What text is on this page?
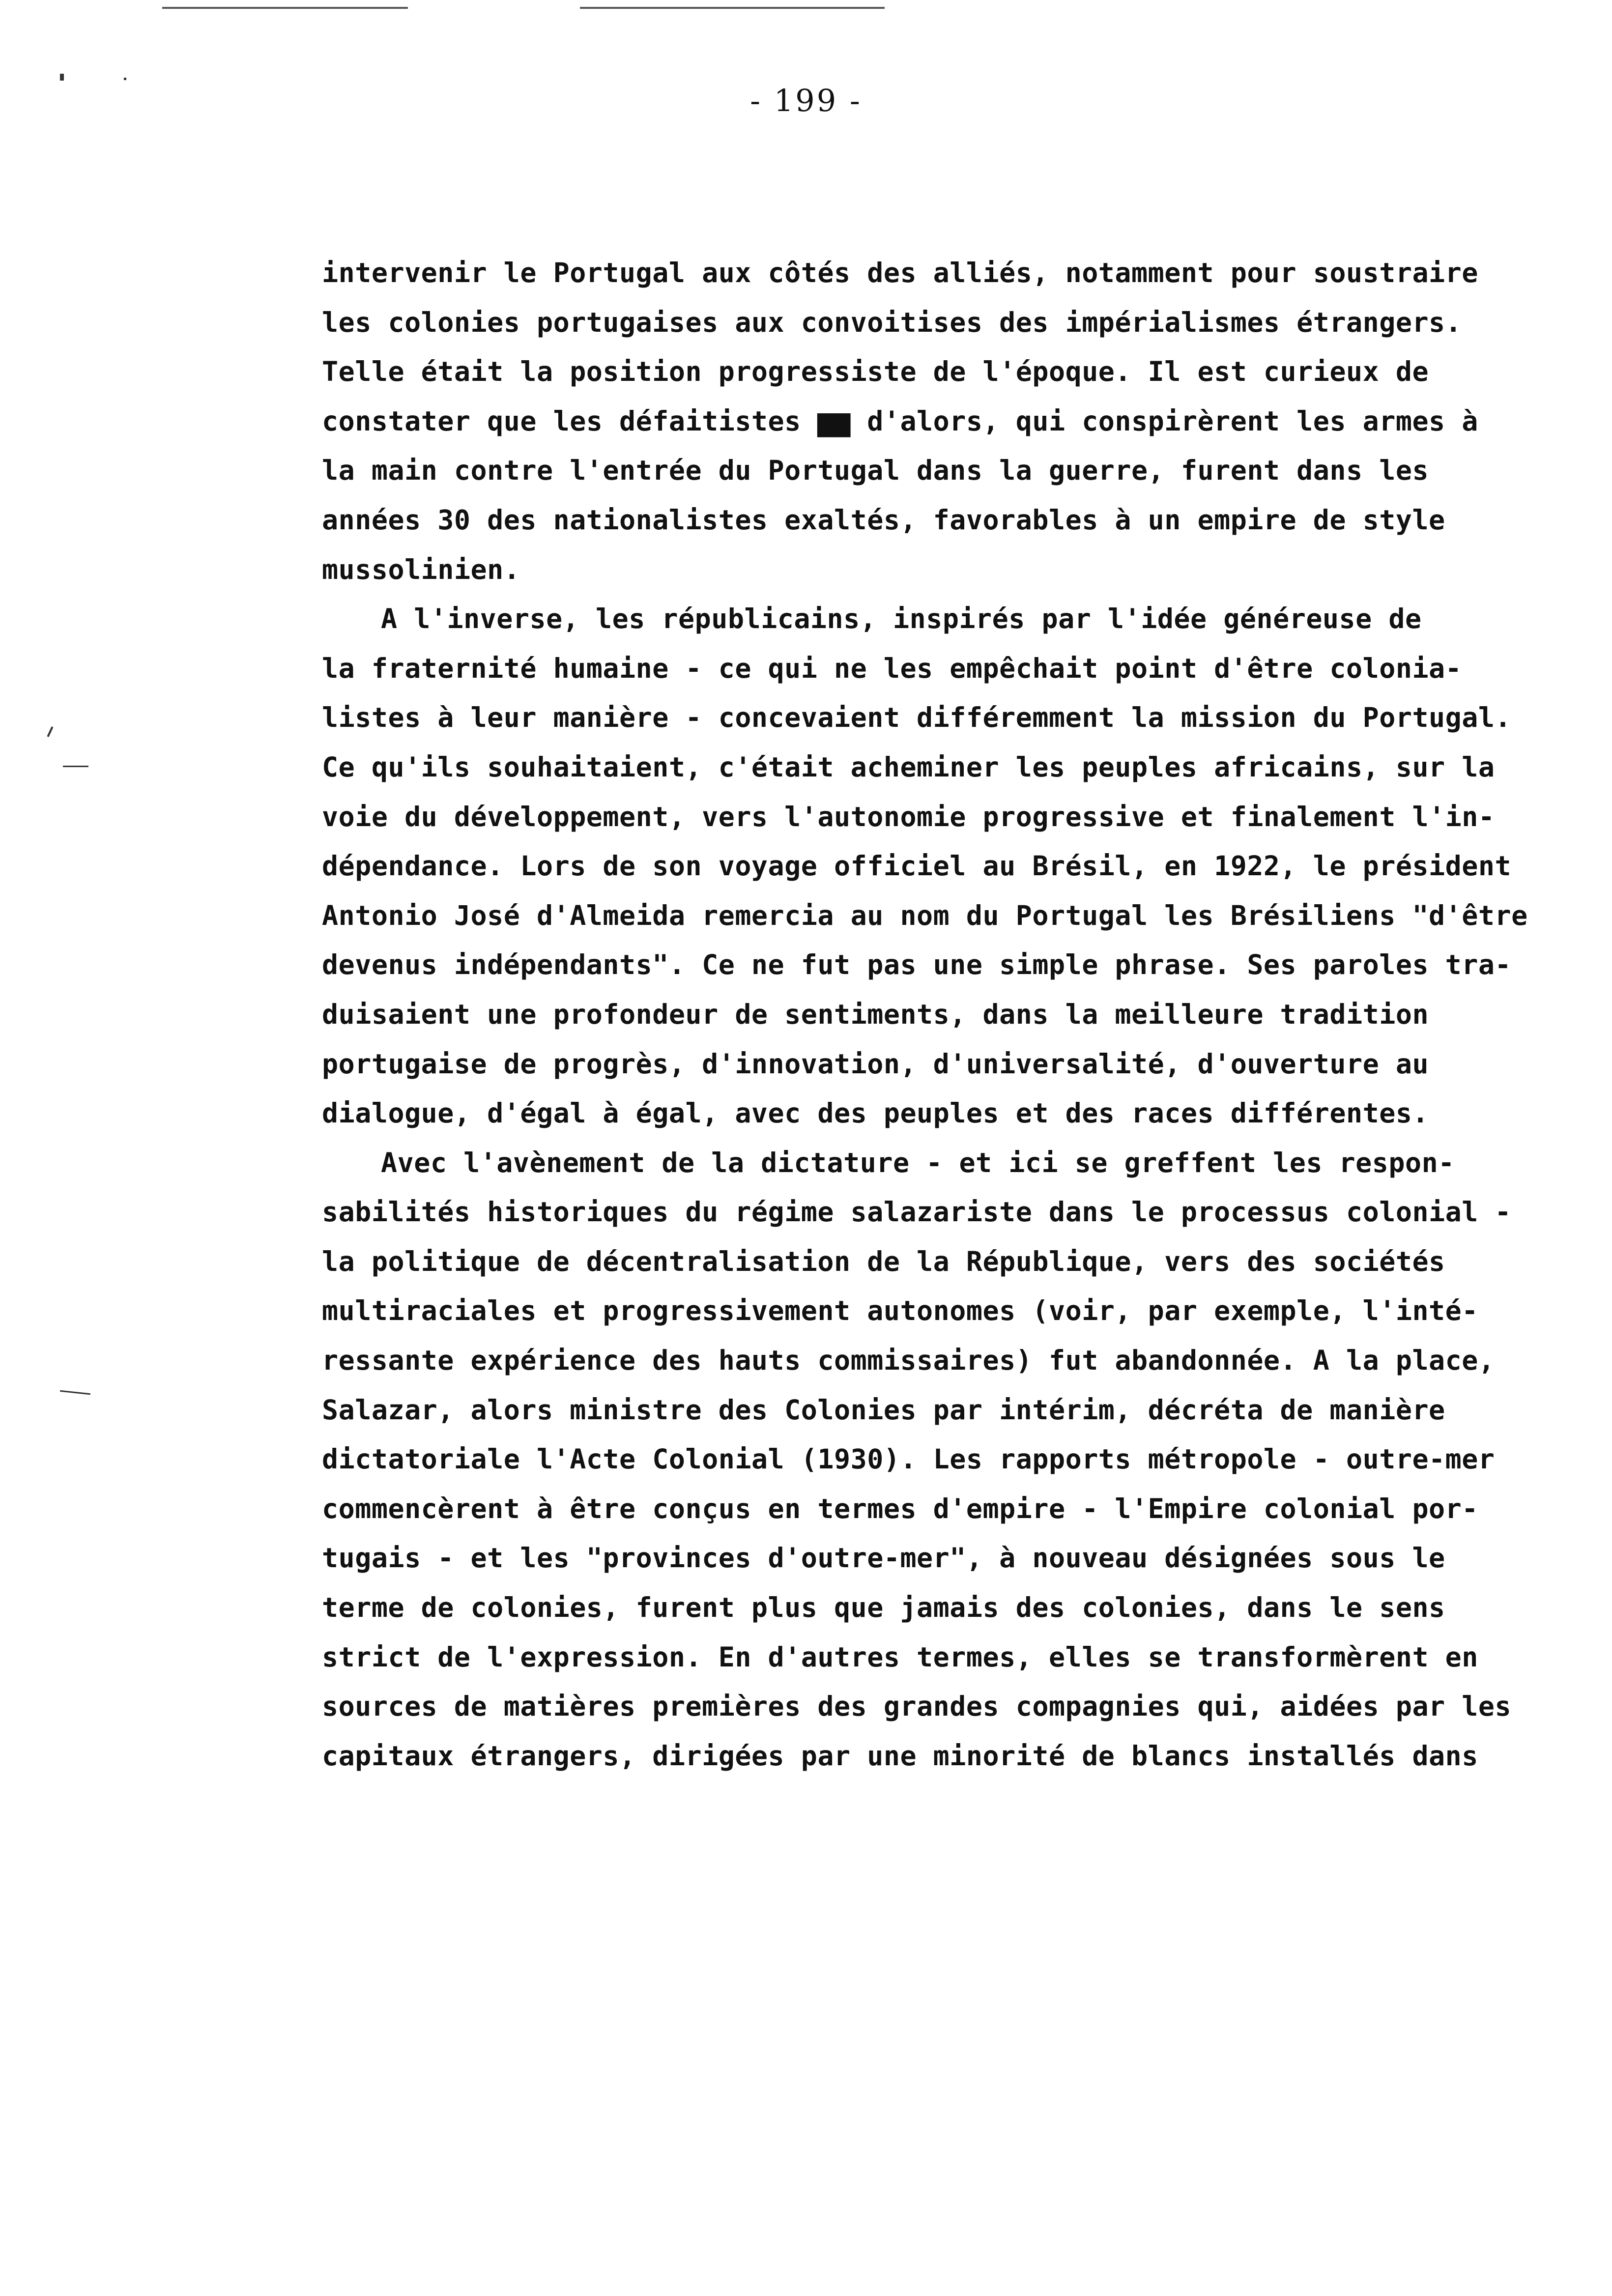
- 199 -
intervenir le Portugal aux côtés des alliés, notamment pour soustraire
les colonies portugaises aux convoitises des impérialismes étrangers.
Telle était la position progressiste de l'époque. Il est curieux de
constater que les défaitistes ▆▆ d'alors, qui conspirèrent les armes à
la main contre l'entrée du Portugal dans la guerre, furent dans les
années 30 des nationalistes exaltés, favorables à un empire de style
mussolinien.
A l'inverse, les républicains, inspirés par l'idée généreuse de
la fraternité humaine - ce qui ne les empêchait point d'être colonia-
listes à leur manière - concevaient différemment la mission du Portugal.
Ce qu'ils souhaitaient, c'était acheminer les peuples africains, sur la
voie du développement, vers l'autonomie progressive et finalement l'in-
dépendance. Lors de son voyage officiel au Brésil, en 1922, le président
Antonio José d'Almeida remercia au nom du Portugal les Brésiliens "d'être
devenus indépendants". Ce ne fut pas une simple phrase. Ses paroles tra-
duisaient une profondeur de sentiments, dans la meilleure tradition
portugaise de progrès, d'innovation, d'universalité, d'ouverture au
dialogue, d'égal à égal, avec des peuples et des races différentes.
Avec l'avènement de la dictature - et ici se greffent les respon-
sabilités historiques du régime salazariste dans le processus colonial -
la politique de décentralisation de la République, vers des sociétés
multiraciales et progressivement autonomes (voir, par exemple, l'inté-
ressante expérience des hauts commissaires) fut abandonnée. A la place,
Salazar, alors ministre des Colonies par intérim, décréta de manière
dictatoriale l'Acte Colonial (1930). Les rapports métropole - outre-mer
commencèrent à être conçus en termes d'empire - l'Empire colonial por-
tugais - et les "provinces d'outre-mer", à nouveau désignées sous le
terme de colonies, furent plus que jamais des colonies, dans le sens
strict de l'expression. En d'autres termes, elles se transformèrent en
sources de matières premières des grandes compagnies qui, aidées par les
capitaux étrangers, dirigées par une minorité de blancs installés dans
